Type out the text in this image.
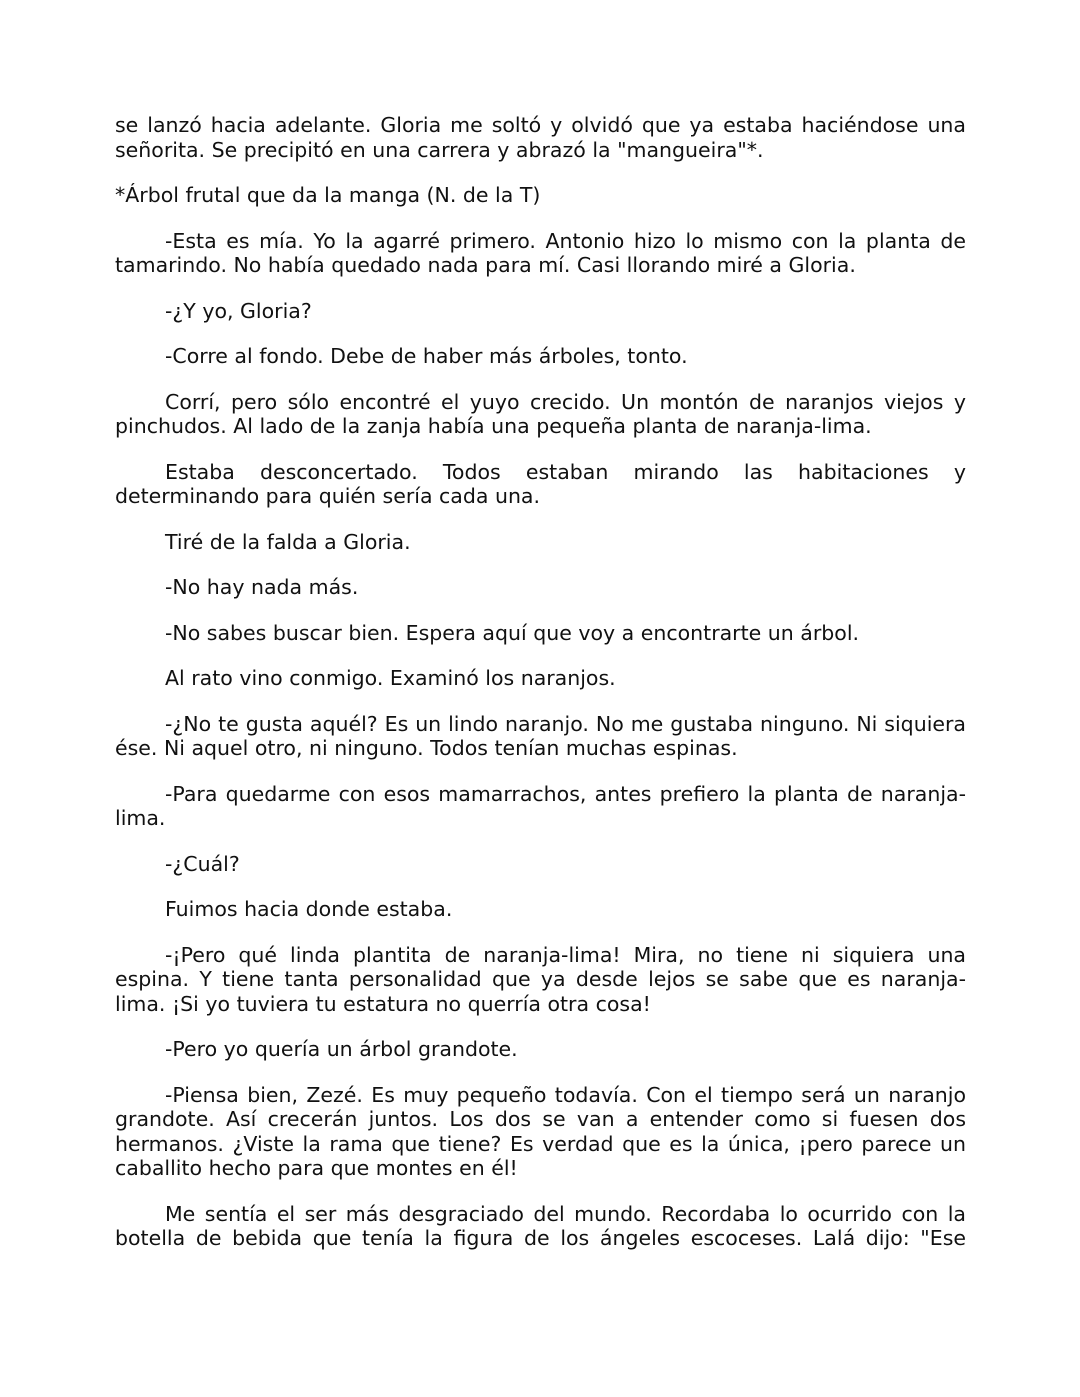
se lanzó hacia adelante. Gloria me soltó y olvidó que ya estaba haciéndose una señorita. Se precipitó en una carrera y abrazó la "mangueira"*.

*Árbol frutal que da la manga (N. de la T)

-Esta es mía. Yo la agarré primero. Antonio hizo lo mismo con la planta de tamarindo. No había quedado nada para mí. Casi llorando miré a Gloria.

-¿Y yo, Gloria?

-Corre al fondo. Debe de haber más árboles, tonto.

Corrí, pero sólo encontré el yuyo crecido. Un montón de naranjos viejos y pinchudos. Al lado de la zanja había una pequeña planta de naranja-lima.

Estaba desconcertado. Todos estaban mirando las habitaciones y determinando para quién sería cada una.

Tiré de la falda a Gloria.

-No hay nada más.

-No sabes buscar bien. Espera aquí que voy a encontrarte un árbol.

Al rato vino conmigo. Examinó los naranjos.

-¿No te gusta aquél? Es un lindo naranjo. No me gustaba ninguno. Ni siquiera ése. Ni aquel otro, ni ninguno. Todos tenían muchas espinas.

-Para quedarme con esos mamarrachos, antes prefiero la planta de naranja-lima.

-¿Cuál?

Fuimos hacia donde estaba.

-¡Pero qué linda plantita de naranja-lima! Mira, no tiene ni siquiera una espina. Y tiene tanta personalidad que ya desde lejos se sabe que es naranja-lima. ¡Si yo tuviera tu estatura no querría otra cosa!

-Pero yo quería un árbol grandote.

-Piensa bien, Zezé. Es muy pequeño todavía. Con el tiempo será un naranjo grandote. Así crecerán juntos. Los dos se van a entender como si fuesen dos hermanos. ¿Viste la rama que tiene? Es verdad que es la única, ¡pero parece un caballito hecho para que montes en él!

Me sentía el ser más desgraciado del mundo. Recordaba lo ocurrido con la botella de bebida que tenía la figura de los ángeles escoceses. Lalá dijo: "Ese
